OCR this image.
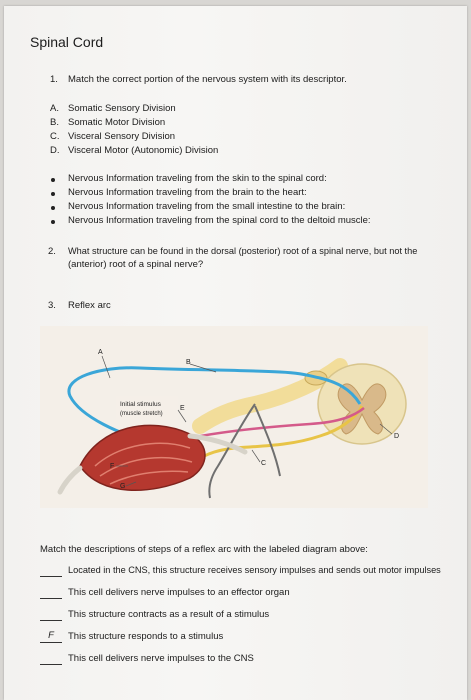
Spinal Cord
1. Match the correct portion of the nervous system with its descriptor.
A. Somatic Sensory Division
B. Somatic Motor Division
C. Visceral Sensory Division
D. Visceral Motor (Autonomic) Division
Nervous Information traveling from the skin to the spinal cord:
Nervous Information traveling from the brain to the heart:
Nervous Information traveling from the small intestine to the brain:
Nervous Information traveling from the spinal cord to the deltoid muscle:
2. What structure can be found in the dorsal (posterior) root of a spinal nerve, but not the
(anterior) root of a spinal nerve?
3. Reflex arc
Initial stimulus
(muscle stretch)
A
B
C
D
E
F
G
Match the descriptions of steps of a reflex arc with the labeled diagram above:
Located in the CNS, this structure receives sensory impulses and sends out motor impulses
This cell delivers nerve impulses to an effector organ
This structure contracts as a result of a stimulus
F	This structure responds to a stimulus
This cell delivers nerve impulses to the CNS
